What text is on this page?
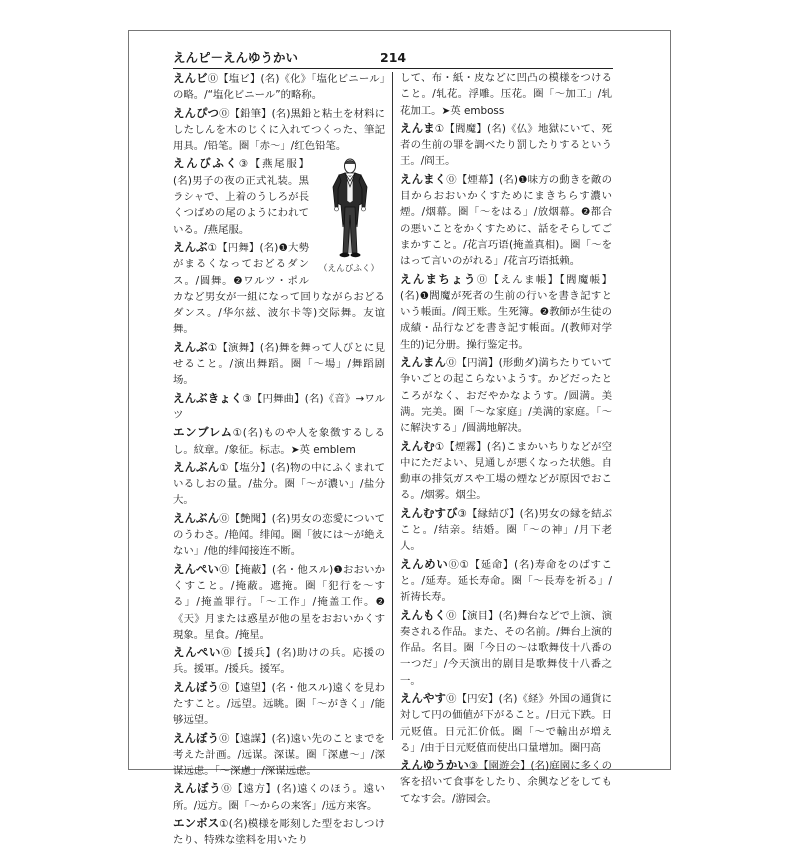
えんピ－えんゆうかい	214
えんビ⓪【塩ビ】(名)《化》「塩化ビニール」の略。/“塩化ビニール”的略称。
えんぴつ⓪【鉛筆】(名)黒鉛と粘土を材料にしたしんを木のじくに入れてつくった、筆記用具。/铅笔。圏「赤～」/红色铅笔。
（えんびふく）
えんびふく③【燕尾服】(名)男子の夜の正式礼装。黒ラシャで、上着のうしろが長くつばめの尾のようにわれている。/燕尾服。
えんぶ①【円舞】(名)❶大勢がまるくなっておどるダンス。/圆舞。❷ワルツ・ポルカなど男女が一組になって回りながらおどるダンス。/华尔兹、波尔卡等)交际舞。友谊舞。
えんぶ①【演舞】(名)舞を舞って人びとに見せること。/演出舞蹈。圏「～場」/舞蹈剧场。
えんぶきょく③【円舞曲】(名)《音》→ワルツ
エンブレム①(名)ものや人を象徴するしるし。紋章。/象征。标志。➤英 emblem
えんぶん①【塩分】(名)物の中にふくまれているしおの量。/盐分。圏「～が濃い」/盐分大。
えんぶん⓪【艶聞】(名)男女の恋愛についてのうわさ。/艳闻。绯闻。圏「彼には～が絶えない」/他的绯闻接连不断。
えんぺい⓪【掩蔽】(名・他スル)❶おおいかくすこと。/掩蔽。遮掩。圏「犯行を～する」/掩盖罪行。「～工作」/掩盖工作。❷《天》月または惑星が他の星をおおいかくす現象。星食。/掩星。
えんぺい⓪【援兵】(名)助けの兵。応援の兵。援軍。/援兵。援军。
えんぼう⓪【遠望】(名・他スル)遠くを見わたすこと。/远望。远眺。圏「～がきく」/能够远望。
えんぼう⓪【遠謀】(名)遠い先のことまでを考えた計画。/远谋。深谋。圏「深慮～」/深谋远虑。「～深慮」/深谋远虑。
えんぼう⓪【遠方】(名)遠くのほう。遠い所。/远方。圏「～からの来客」/远方来客。
エンボス①(名)模様を彫刻した型をおしつけたり、特殊な塗料を用いたり
して、布・紙・皮などに凹凸の模様をつけること。/轧花。浮雕。压花。圏「～加工」/轧花加工。➤英 emboss
えんま①【閻魔】(名)《仏》地獄にいて、死者の生前の罪を調べたり罰したりするという王。/阎王。
えんまく⓪【煙幕】(名)❶味方の動きを敵の目からおおいかくすためにまきちらす濃い煙。/烟幕。圏「～をはる」/放烟幕。❷都合の悪いことをかくすために、話をそらしてごまかすこと。/花言巧语(掩盖真相)。圏「～をはって言いのがれる」/花言巧语抵赖。
えんまちょう⓪【えんま帳】【閻魔帳】(名)❶閻魔が死者の生前の行いを書き記すという帳面。/阎王账。生死簿。❷教師が生徒の成績・品行などを書き記す帳面。/(教师对学生的)记分册。操行鉴定书。
えんまん⓪【円満】(形動ダ)満ちたりていて争いごとの起こらないようす。かどだったところがなく、おだやかなようす。/圆满。美满。完美。圏「～な家庭」/美满的家庭。「～に解決する」/圆满地解决。
えんむ①【煙霧】(名)こまかいちりなどが空中にただよい、見通しが悪くなった状態。自動車の排気ガスや工場の煙などが原因でおこる。/烟雾。烟尘。
えんむすび③【縁結び】(名)男女の縁を結ぶこと。/结亲。结婚。圏「～の神」/月下老人。
えんめい⓪①【延命】(名)寿命をのばすこと。/延寿。延长寿命。圏「～長寿を祈る」/祈祷长寿。
えんもく⓪【演目】(名)舞台などで上演、演奏される作品。また、その名前。/舞台上演的作品。名目。圏「今日の～は歌舞伎十八番の一つだ」/今天演出的剧目是歌舞伎十八番之一。
えんやす⓪【円安】(名)《経》外国の通貨に対して円の価値が下がること。/日元下跌。日元贬值。日元汇价低。圏「～で輸出が増える」/由于日元贬值而使出口量增加。圏円高
えんゆうかい③【園遊会】(名)庭園に多くの客を招いて食事をしたり、余興などをしてもてなす会。/游园会。
